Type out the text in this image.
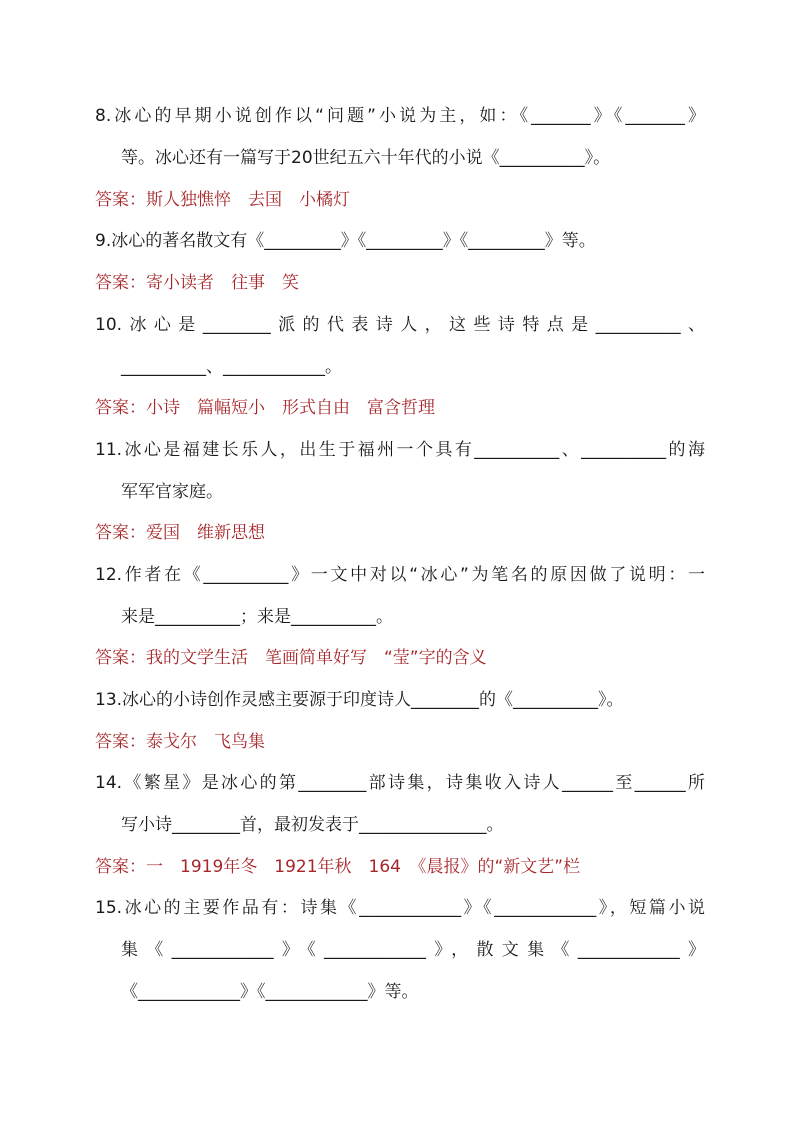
8.冰心的早期小说创作以“问题”小说为主，如：《_______》《_______》
等。冰心还有一篇写于20世纪五六十年代的小说《__________》。
答案：斯人独憔悴　去国　小橘灯
9.冰心的著名散文有《_________》《_________》《_________》等。
答案：寄小读者　往事　笑
10.冰心是________派的代表诗人，这些诗特点是__________、
__________、____________。
答案：小诗　篇幅短小　形式自由　富含哲理
11.冰心是福建长乐人，出生于福州一个具有__________、__________的海
军军官家庭。
答案：爱国　维新思想
12.作者在《__________》一文中对以“冰心”为笔名的原因做了说明：一
来是__________；来是__________。
答案：我的文学生活　笔画简单好写　“莹”字的含义
13.冰心的小诗创作灵感主要源于印度诗人________的《__________》。
答案：泰戈尔　飞鸟集
14.《繁星》是冰心的第________部诗集，诗集收入诗人______至______所
写小诗________首，最初发表于_______________。
答案：一　1919年冬　1921年秋　164　《晨报》的“新文艺”栏
15.冰心的主要作品有：诗集《____________》《____________》，短篇小说
集《____________》《____________》，散文集《____________》
《____________》《____________》等。
